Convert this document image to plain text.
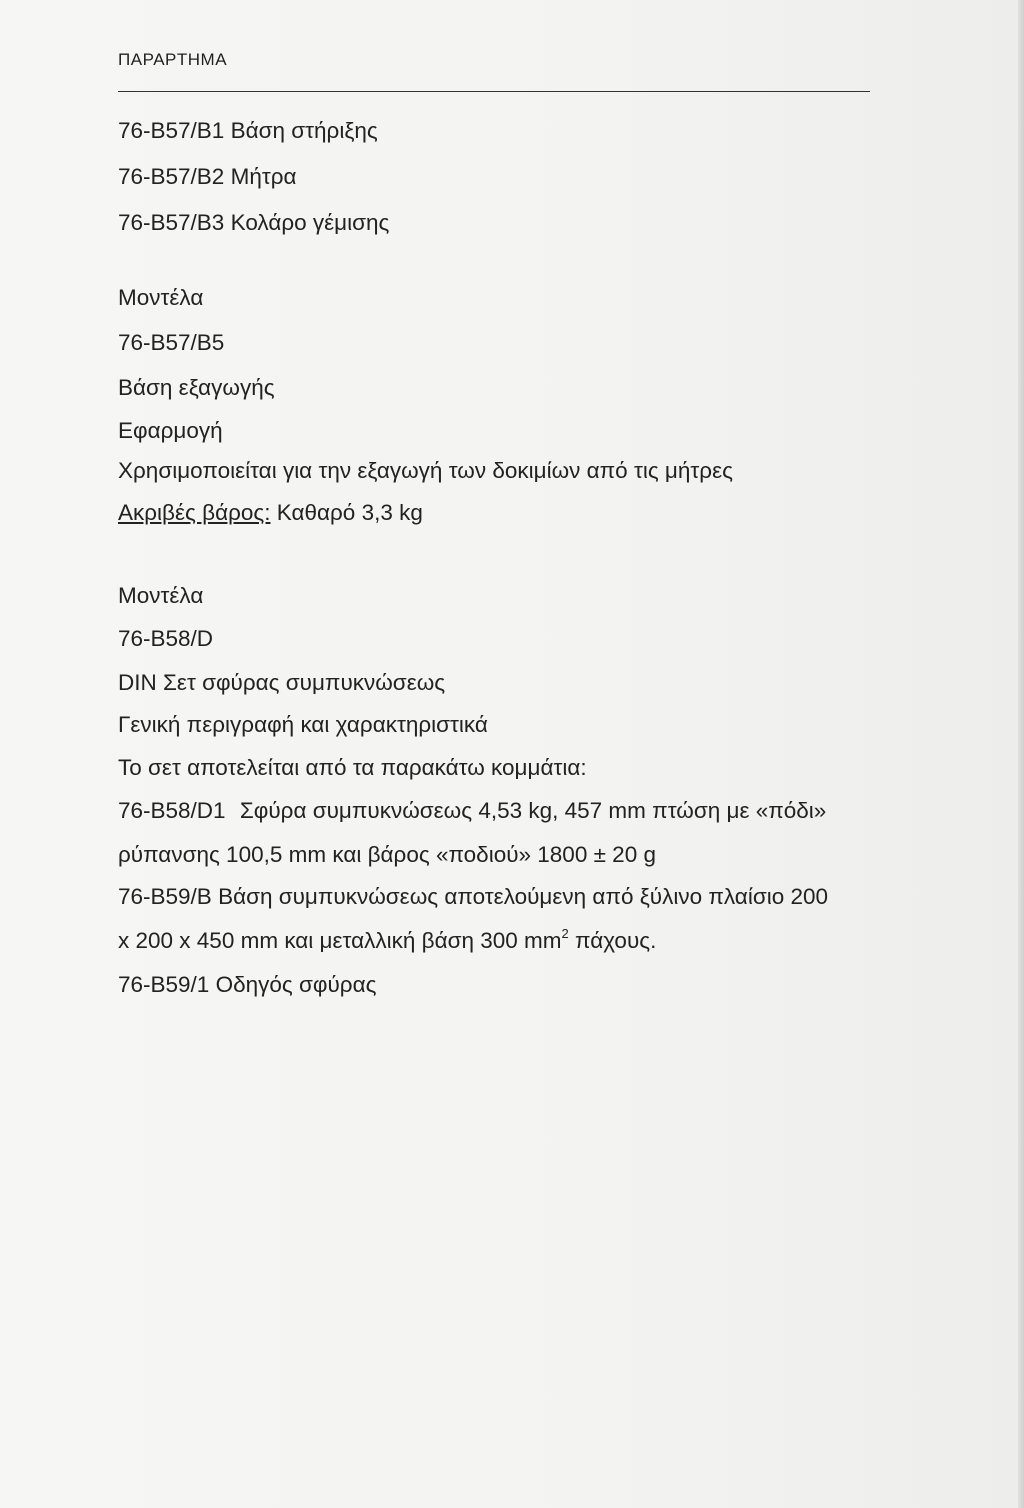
ΠΑΡΑΡΤΗΜΑ
76-B57/B1 Βάση στήριξης
76-B57/B2 Μήτρα
76-B57/B3 Κολάρο γέμισης
Μοντέλα
76-B57/B5
Βάση εξαγωγής
Εφαρμογή
Χρησιμοποιείται για την εξαγωγή των δοκιμίων από τις μήτρες
Ακριβές βάρος: Καθαρό 3,3 kg
Μοντέλα
76-B58/D
DIN Σετ σφύρας συμπυκνώσεως
Γενική περιγραφή και χαρακτηριστικά
Το σετ αποτελείται από τα παρακάτω κομμάτια:
76-B58/D1 Σφύρα συμπυκνώσεως 4,53 kg, 457 mm πτώση με «πόδι»
ρύπανσης 100,5 mm και βάρος «ποδιού» 1800 ± 20 g
76-B59/B Βάση συμπυκνώσεως αποτελούμενη από ξύλινο πλαίσιο 200
x 200 x 450 mm και μεταλλική βάση 300 $mm^2$ πάχους.
76-B59/1 Οδηγός σφύρας
